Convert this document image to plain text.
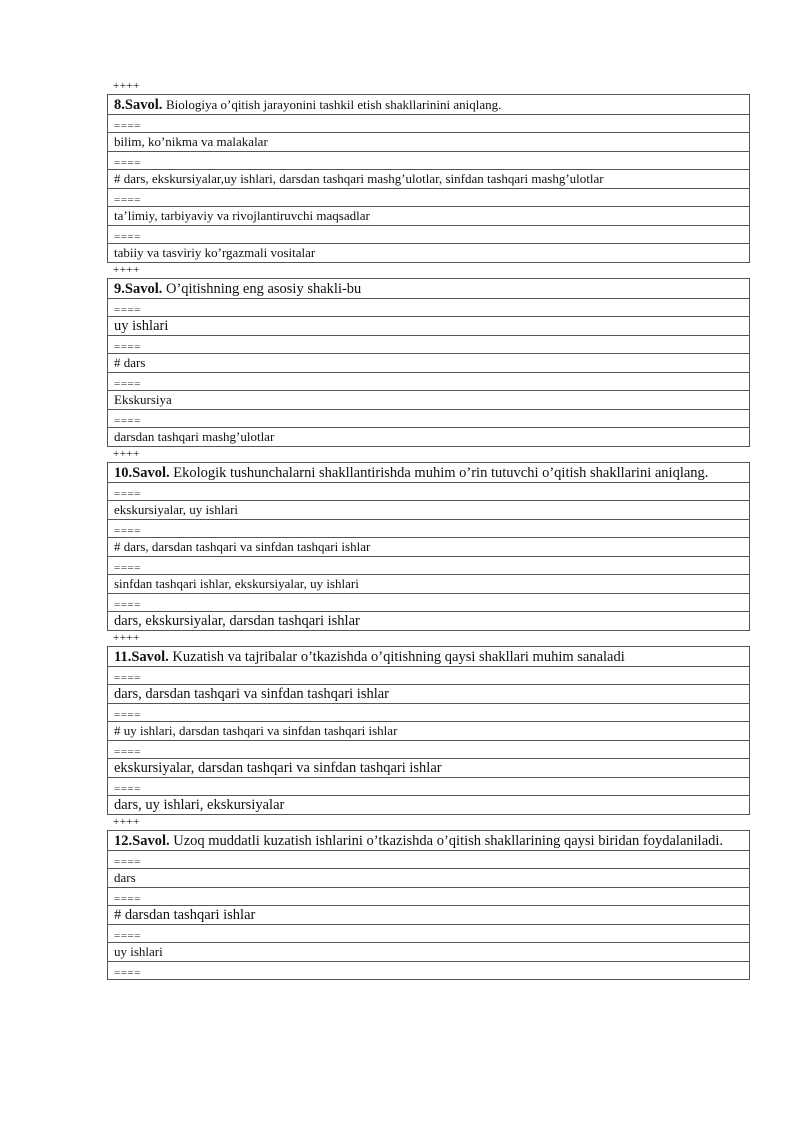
++++
8.Savol. Biologiya o’qitish jarayonini tashkil etish shakllarinini aniqlang.
====
bilim, ko’nikma va malakalar
====
# dars, ekskursiyalar,uy ishlari, darsdan tashqari mashg’ulotlar, sinfdan tashqari mashg’ulotlar
====
ta’limiy, tarbiyaviy va rivojlantiruvchi maqsadlar
====
tabiiy va tasviriy ko’rgazmali vositalar
++++
9.Savol. O’qitishning eng asosiy shakli-bu
====
uy ishlari
====
# dars
====
Ekskursiya
====
darsdan tashqari mashg’ulotlar
++++
10.Savol. Ekologik tushunchalarni shakllantirishda muhim o’rin tutuvchi o’qitish shakllarini aniqlang.
====
ekskursiyalar, uy ishlari
====
# dars, darsdan tashqari va sinfdan tashqari ishlar
====
sinfdan tashqari ishlar, ekskursiyalar, uy ishlari
====
dars, ekskursiyalar, darsdan tashqari ishlar
++++
11.Savol. Kuzatish va tajribalar o’tkazishda o’qitishning qaysi shakllari muhim sanaladi
====
dars, darsdan tashqari va sinfdan tashqari ishlar
====
# uy ishlari, darsdan tashqari va sinfdan tashqari ishlar
====
ekskursiyalar, darsdan tashqari va sinfdan tashqari ishlar
====
dars, uy ishlari, ekskursiyalar
++++
12.Savol. Uzoq muddatli kuzatish ishlarini o’tkazishda o’qitish shakllarining qaysi biridan foydalaniladi.
====
dars
====
# darsdan tashqari ishlar
====
uy ishlari
====
